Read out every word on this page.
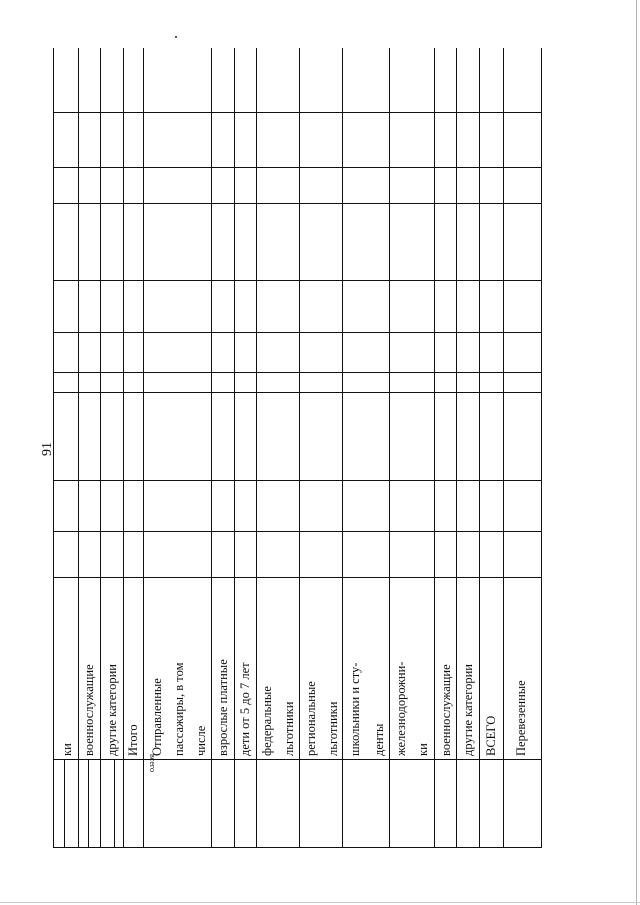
всего
ки военнослужащие другие категории Итого Отправленные пассажиры, в том числе взрослые платные дети от 5 до 7 лет федеральные льготники региональные льготники школьники и сту- денты железнодорожни- ки военнослужащие другие категории ВСЕГО Перевезенные
91
